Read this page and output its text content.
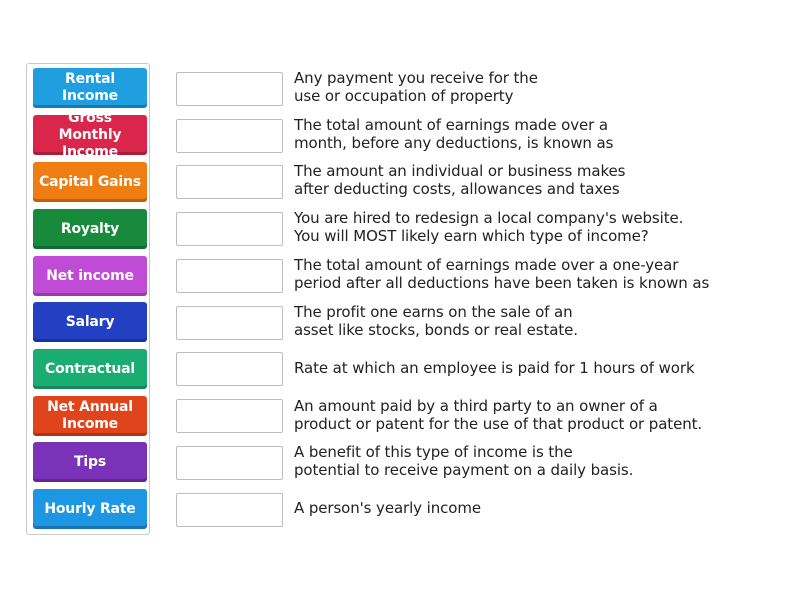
Rental Income
Gross Monthly Income
Capital Gains
Royalty
Net income
Salary
Contractual
Net Annual Income
Tips
Hourly Rate
Any payment you receive for the
use or occupation of property
The total amount of earnings made over a
month, before any deductions, is known as
The amount an individual or business makes
after deducting costs, allowances and taxes
You are hired to redesign a local company's website.
You will MOST likely earn which type of income?
The total amount of earnings made over a one-year
period after all deductions have been taken is known as
The profit one earns on the sale of an
asset like stocks, bonds or real estate.
Rate at which an employee is paid for 1 hours of work
An amount paid by a third party to an owner of a
product or patent for the use of that product or patent.
A benefit of this type of income is the
potential to receive payment on a daily basis.
A person's yearly income
